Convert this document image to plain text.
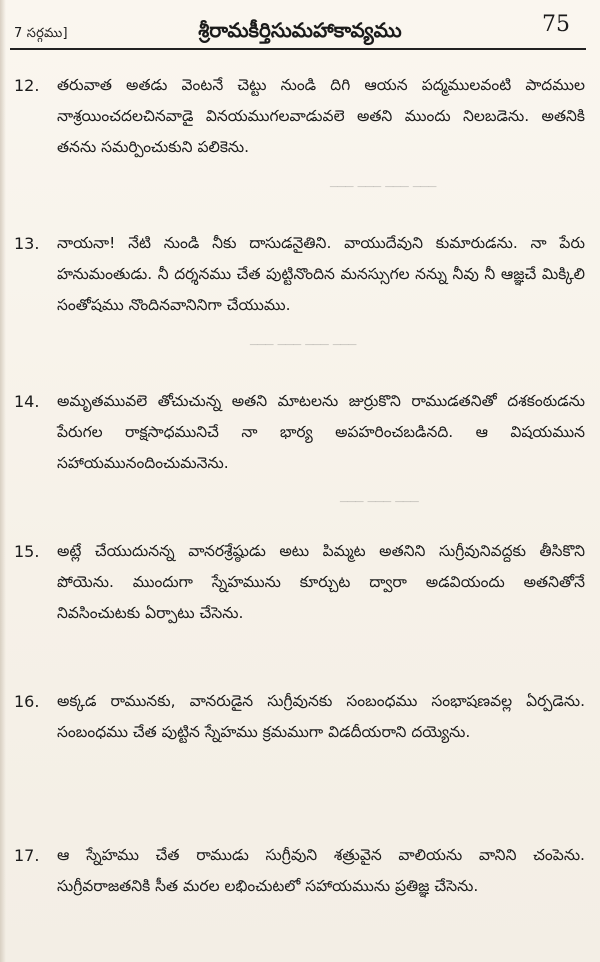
─── ─── ─── ───
─── ─── ─── ───
─── ─── ───
7 సర్గము]	శ్రీరామకీర్తిసుమహాకావ్యము	75
12.	తరువాత అతడు వెంటనే చెట్టు నుండి దిగి ఆయన పద్మములవంటి పాదముల నాశ్రయించదలచినవాడై వినయముగలవాడువలె అతని ముందు నిలబడెను. అతనికి తనను సమర్పించుకుని పలికెను.
13.	నాయనా! నేటి నుండి నీకు దాసుడనైతిని. వాయుదేవుని కుమారుడను. నా పేరు హనుమంతుడు. నీ దర్శనము చేత పుట్టినొందిన మనస్సుగల నన్ను నీవు నీ ఆజ్ఞచే మిక్కిలి సంతోషము నొందినవానినిగా చేయుము.
14.	అమృతమువలె తోచుచున్న అతని మాటలను జుర్రుకొని రాముడతనితో దశకంఠుడను పేరుగల రాక్షసాధమునిచే నా భార్య అపహరించబడినది. ఆ విషయమున సహాయమునందించుమనెను.
15.	అట్లే చేయుదునన్న వానరశ్రేష్ఠుడు అటు పిమ్మట అతనిని సుగ్రీవునివద్దకు తీసికొని పోయెను. ముందుగా స్నేహమును కూర్చుట ద్వారా అడవియందు అతనితోనే నివసించుటకు ఏర్పాటు చేసెను.
16.	అక్కడ రామునకు, వానరుడైన సుగ్రీవునకు సంబంధము సంభాషణవల్ల ఏర్పడెను. సంబంధము చేత పుట్టిన స్నేహము క్రమముగా విడదీయరాని దయ్యెను.
17.	ఆ స్నేహము చేత రాముడు సుగ్రీవుని శత్రువైన వాలియను వానిని చంపెను. సుగ్రీవరాజతనికి సీత మరల లభించుటలో సహాయమును ప్రతిజ్ఞ చేసెను.
